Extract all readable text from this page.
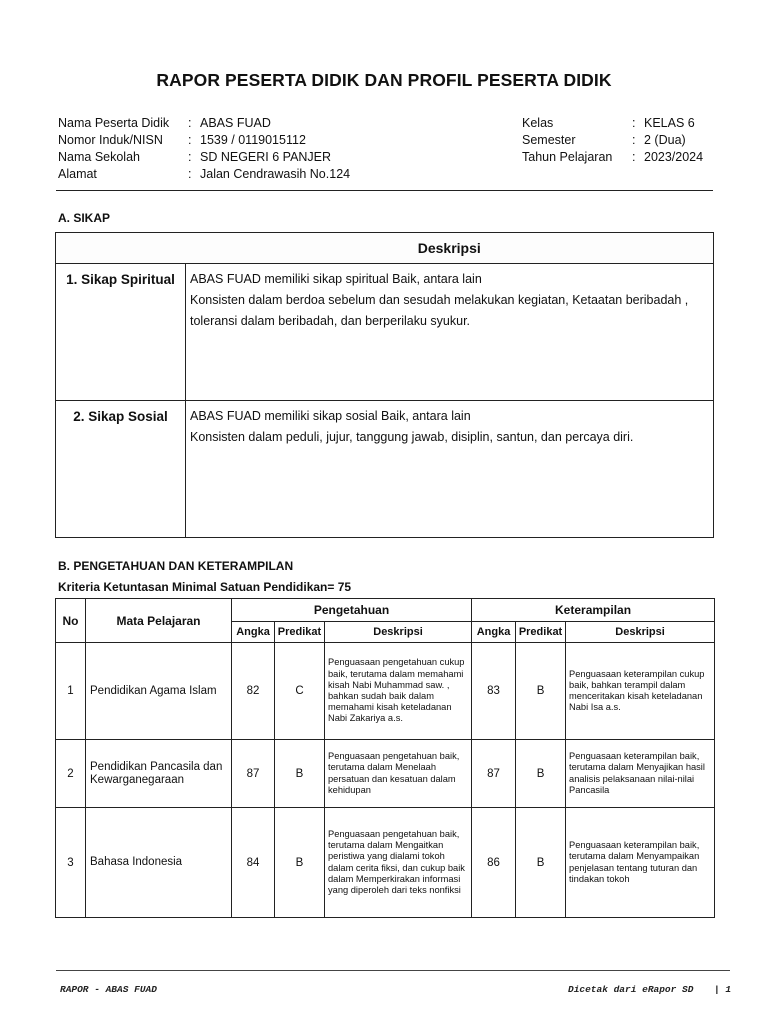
RAPOR PESERTA DIDIK DAN PROFIL PESERTA DIDIK
Nama Peserta Didik : ABAS FUAD
Nomor Induk/NISN : 1539 / 0119015112
Nama Sekolah	: SD NEGERI 6 PANJER
Alamat	: Jalan Cendrawasih No.124
Kelas	: KELAS 6
Semester	: 2 (Dua)
Tahun Pelajaran : 2023/2024
A. SIKAP
	Deskripsi
1. Sikap Spiritual	ABAS FUAD memiliki sikap spiritual Baik, antara lain
Konsisten dalam berdoa sebelum dan sesudah melakukan kegiatan, Ketaatan beribadah ,
toleransi dalam beribadah, dan berperilaku syukur.

2. Sikap Sosial	ABAS FUAD memiliki sikap sosial Baik, antara lain
Konsisten dalam peduli, jujur, tanggung jawab, disiplin, santun, dan percaya diri.
B. PENGETAHUAN DAN KETERAMPILAN
Kriteria Ketuntasan Minimal Satuan Pendidikan= 75
No	Mata Pelajaran	Pengetahuan			Keterampilan		
		Angka	Predikat	Deskripsi	Angka	Predikat	Deskripsi
1	Pendidikan Agama Islam	82	C	Penguasaan pengetahuan cukup baik, terutama dalam memahami kisah Nabi Muhammad saw. , bahkan sudah baik dalam memahami kisah keteladanan Nabi Zakariya a.s.	83	B	Penguasaan keterampilan cukup baik, bahkan terampil dalam menceritakan kisah keteladanan Nabi Isa a.s.
2	Pendidikan Pancasila dan Kewarganegaraan	87	B	Penguasaan pengetahuan baik, terutama dalam Menelaah persatuan dan kesatuan dalam kehidupan	87	B	Penguasaan keterampilan baik, terutama dalam Menyajikan hasil analisis pelaksanaan nilai-nilai Pancasila
3	Bahasa Indonesia	84	B	Penguasaan pengetahuan baik, terutama dalam Mengaitkan peristiwa yang dialami tokoh dalam cerita fiksi, dan cukup baik dalam Memperkirakan informasi yang diperoleh dari teks nonfiksi	86	B	Penguasaan keterampilan baik, terutama dalam Menyampaikan penjelasan tentang tuturan dan tindakan tokoh
RAPOR - ABAS FUAD	Dicetak dari eRapor SD | 1
